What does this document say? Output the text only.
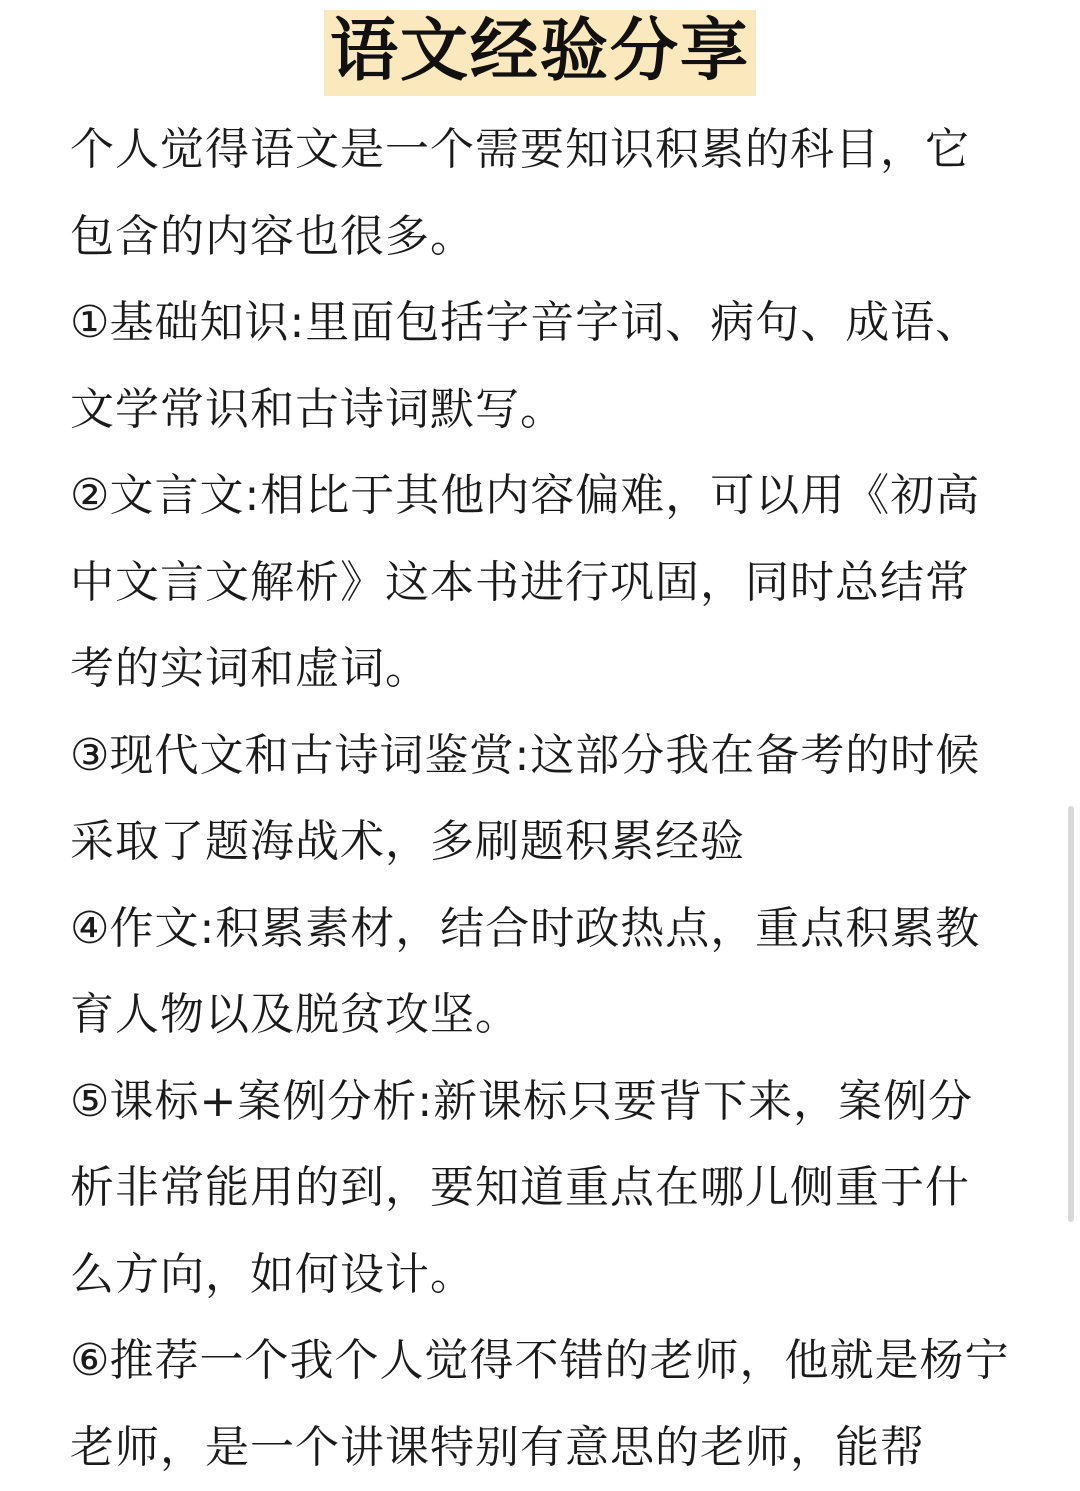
语文经验分享

个人觉得语文是一个需要知识积累的科目，它包含的内容也很多。

①基础知识:里面包括字音字词、病句、成语、文学常识和古诗词默写。

②文言文:相比于其他内容偏难，可以用《初高中文言文解析》这本书进行巩固，同时总结常考的实词和虚词。

③现代文和古诗词鉴赏:这部分我在备考的时候采取了题海战术，多刷题积累经验

④作文:积累素材，结合时政热点，重点积累教育人物以及脱贫攻坚。

⑤课标+案例分析:新课标只要背下来，案例分析非常能用的到，要知道重点在哪儿侧重于什么方向，如何设计。

⑥推荐一个我个人觉得不错的老师，他就是杨宁老师，是一个讲课特别有意思的老师，能帮
